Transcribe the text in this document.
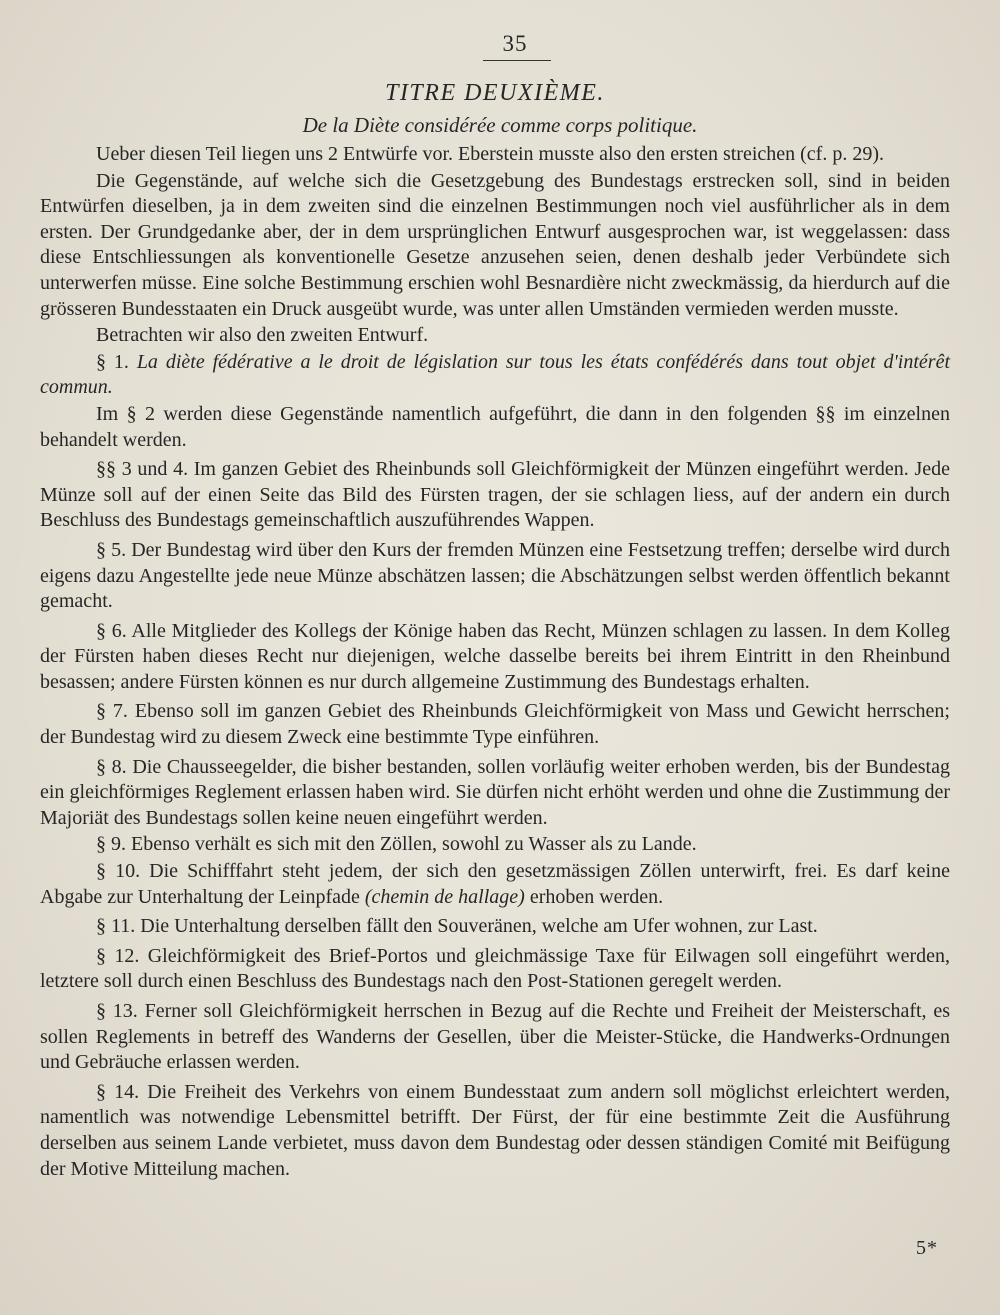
35
TITRE DEUXIÈME.
De la Diète considérée comme corps politique.

Ueber diesen Teil liegen uns 2 Entwürfe vor. Eberstein musste also den ersten streichen (cf. p. 29).

Die Gegenstände, auf welche sich die Gesetzgebung des Bundestags erstrecken soll, sind in beiden Entwürfen dieselben, ja in dem zweiten sind die einzelnen Bestimmungen noch viel ausführlicher als in dem ersten. Der Grundgedanke aber, der in dem ursprünglichen Entwurf ausgesprochen war, ist weggelassen: dass diese Entschliessungen als konventionelle Gesetze anzusehen seien, denen deshalb jeder Verbündete sich unterwerfen müsse. Eine solche Bestimmung erschien wohl Besnardière nicht zweckmässig, da hierdurch auf die grösseren Bundesstaaten ein Druck ausgeübt wurde, was unter allen Umständen vermieden werden musste.

Betrachten wir also den zweiten Entwurf.

§ 1. La diète fédérative a le droit de législation sur tous les états confédérés dans tout objet d'intérêt commun.

Im § 2 werden diese Gegenstände namentlich aufgeführt, die dann in den folgenden §§ im einzelnen behandelt werden.

§§ 3 und 4. Im ganzen Gebiet des Rheinbunds soll Gleichförmigkeit der Münzen eingeführt werden. Jede Münze soll auf der einen Seite das Bild des Fürsten tragen, der sie schlagen liess, auf der andern ein durch Beschluss des Bundestags gemeinschaftlich auszuführendes Wappen.

§ 5. Der Bundestag wird über den Kurs der fremden Münzen eine Festsetzung treffen; derselbe wird durch eigens dazu Angestellte jede neue Münze abschätzen lassen; die Abschätzungen selbst werden öffentlich bekannt gemacht.

§ 6. Alle Mitglieder des Kollegs der Könige haben das Recht, Münzen schlagen zu lassen. In dem Kolleg der Fürsten haben dieses Recht nur diejenigen, welche dasselbe bereits bei ihrem Eintritt in den Rheinbund besassen; andere Fürsten können es nur durch allgemeine Zustimmung des Bundestags erhalten.

§ 7. Ebenso soll im ganzen Gebiet des Rheinbunds Gleichförmigkeit von Mass und Gewicht herrschen; der Bundestag wird zu diesem Zweck eine bestimmte Type einführen.

§ 8. Die Chausseegelder, die bisher bestanden, sollen vorläufig weiter erhoben werden, bis der Bundestag ein gleichförmiges Reglement erlassen haben wird. Sie dürfen nicht erhöht werden und ohne die Zustimmung der Majoriät des Bundestags sollen keine neuen eingeführt werden.

§ 9. Ebenso verhält es sich mit den Zöllen, sowohl zu Wasser als zu Lande.

§ 10. Die Schifffahrt steht jedem, der sich den gesetzmässigen Zöllen unterwirft, frei. Es darf keine Abgabe zur Unterhaltung der Leinpfade (chemin de hallage) erhoben werden.

§ 11. Die Unterhaltung derselben fällt den Souveränen, welche am Ufer wohnen, zur Last.

§ 12. Gleichförmigkeit des Brief-Portos und gleichmässige Taxe für Eilwagen soll eingeführt werden, letztere soll durch einen Beschluss des Bundestags nach den Post-Stationen geregelt werden.

§ 13. Ferner soll Gleichförmigkeit herrschen in Bezug auf die Rechte und Freiheit der Meisterschaft, es sollen Reglements in betreff des Wanderns der Gesellen, über die Meister-Stücke, die Handwerks-Ordnungen und Gebräuche erlassen werden.

§ 14. Die Freiheit des Verkehrs von einem Bundesstaat zum andern soll möglichst erleichtert werden, namentlich was notwendige Lebensmittel betrifft. Der Fürst, der für eine bestimmte Zeit die Ausführung derselben aus seinem Lande verbietet, muss davon dem Bundestag oder dessen ständigen Comité mit Beifügung der Motive Mitteilung machen.

5*
